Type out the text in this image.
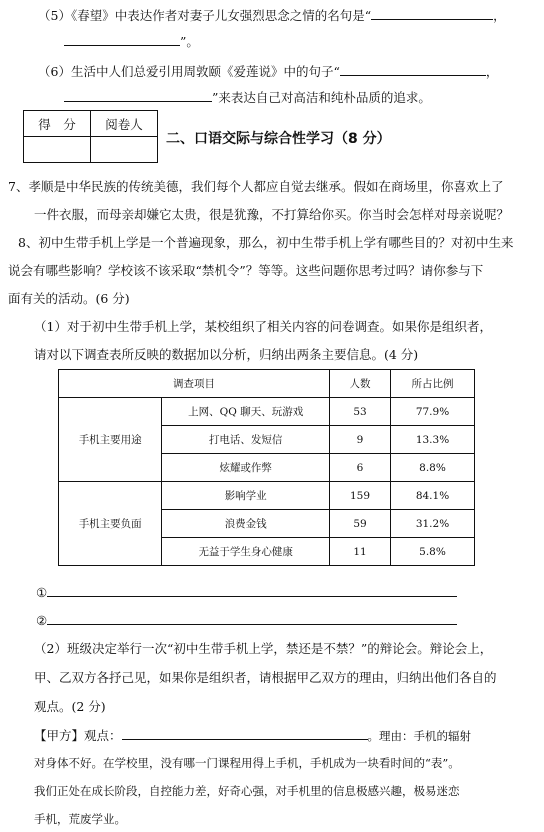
（5）《春望》中表达作者对妻子儿女强烈思念之情的名句是“	，
”。
（6）生活中人们总爱引用周敦颐《爱莲说》中的句子“	，
”来表达自己对高洁和纯朴品质的追求。
得　分	阅卷人

二、口语交际与综合性学习（8 分）
7、孝顺是中华民族的传统美德，我们每个人都应自觉去继承。假如在商场里，你喜欢上了
一件衣服，而母亲却嫌它太贵，很是犹豫，不打算给你买。你当时会怎样对母亲说呢？
8、初中生带手机上学是一个普遍现象，那么，初中生带手机上学有哪些目的？对初中生来
说会有哪些影响？学校该不该采取“禁机令”？等等。这些问题你思考过吗？请你参与下
面有关的活动。(6 分)
（1）对于初中生带手机上学，某校组织了相关内容的问卷调查。如果你是组织者，
请对以下调查表所反映的数据加以分析，归纳出两条主要信息。(4 分)
调查项目		人数	所占比例
手机主要用途	上网、QQ 聊天、玩游戏	53	77.9%
	打电话、发短信	9	13.3%
	炫耀或作弊	6	8.8%
手机主要负面	影响学业	159	84.1%
	浪费金钱	59	31.2%
	无益于学生身心健康	11	5.8%
①
②
（2）班级决定举行一次“初中生带手机上学，禁还是不禁？”的辩论会。辩论会上，
甲、乙双方各抒己见，如果你是组织者，请根据甲乙双方的理由，归纳出他们各自的
观点。(2 分)
【甲方】观点：	。理由：手机的辐射
对身体不好。在学校里，没有哪一门课程用得上手机，手机成为一块看时间的“表”。
我们正处在成长阶段，自控能力差，好奇心强，对手机里的信息极感兴趣，极易迷恋
手机，荒废学业。
